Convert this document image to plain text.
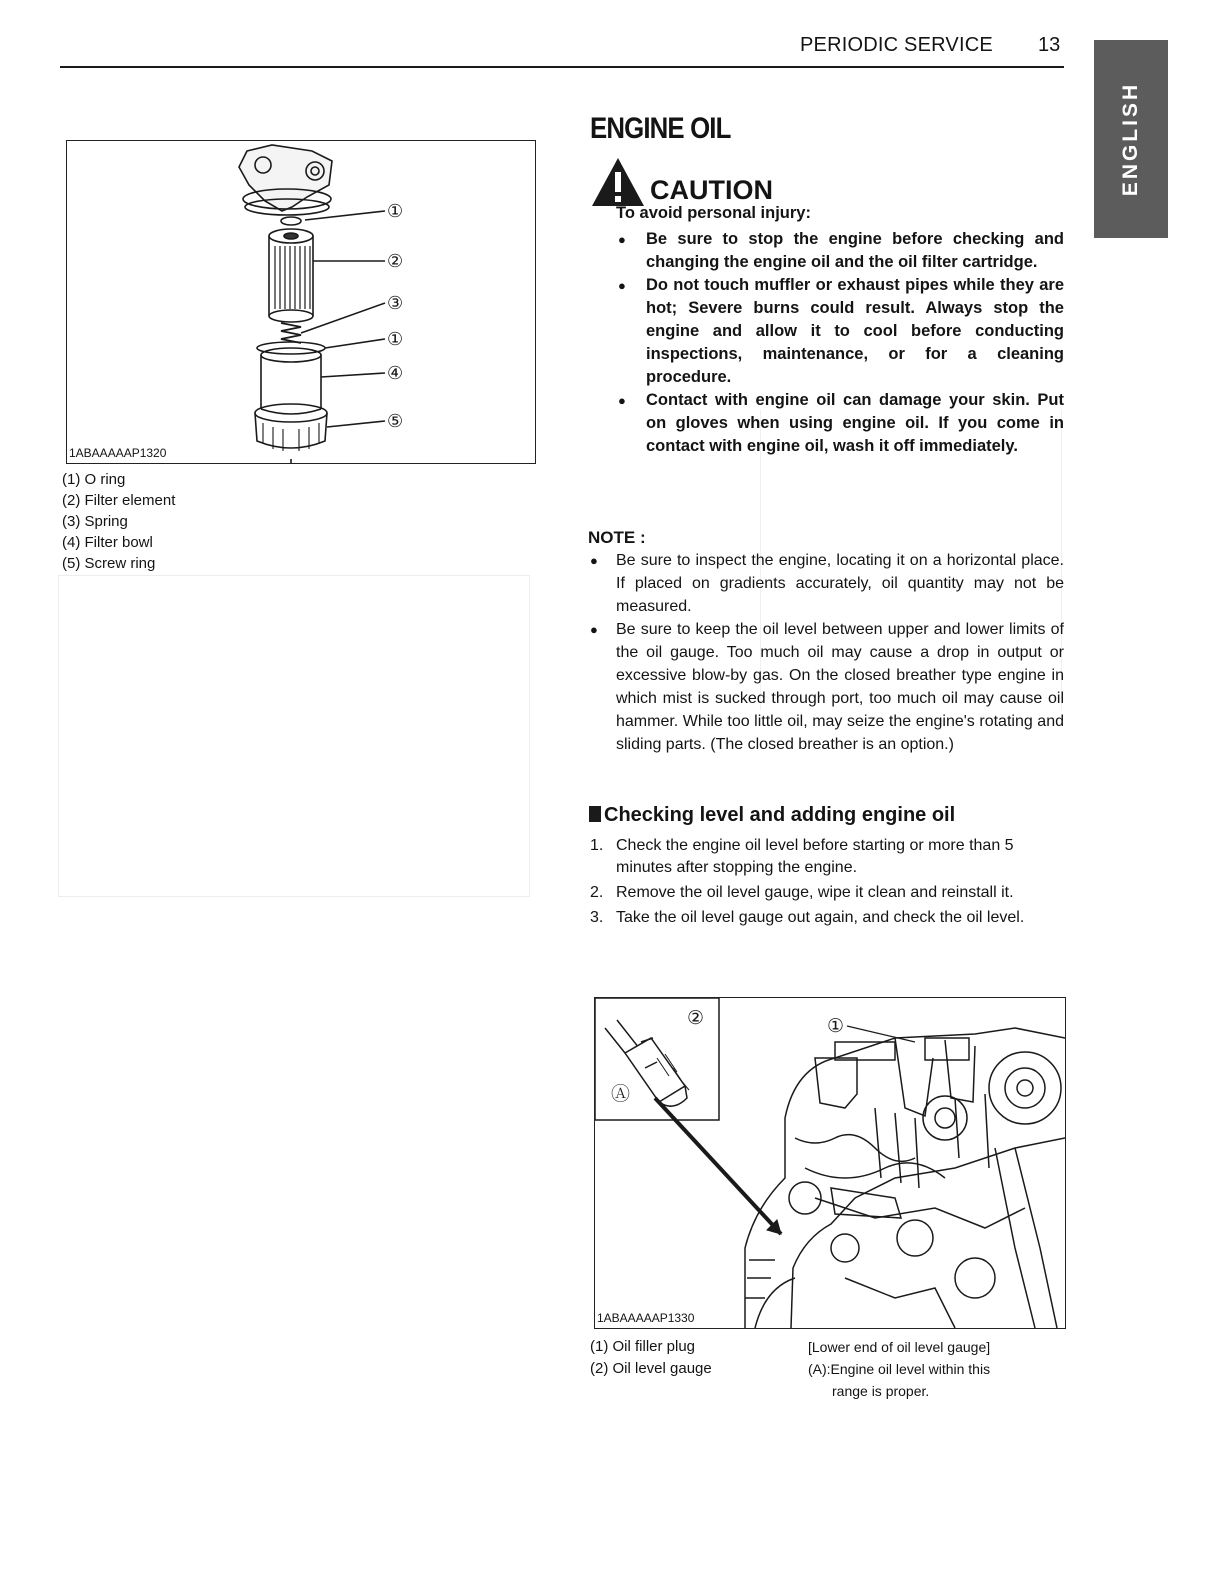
PERIODIC SERVICE 13
ENGLISH
①
②
③
①
④
⑤
1ABAAAAAP1320
(1) O ring
(2) Filter element
(3) Spring
(4) Filter bowl
(5) Screw ring
ENGINE OIL
CAUTION
To avoid personal injury:
● Be sure to stop the engine before checking and changing the engine oil and the oil filter cartridge.
● Do not touch muffler or exhaust pipes while they are hot; Severe burns could result. Always stop the engine and allow it to cool before conducting inspections, maintenance, or for a cleaning procedure.
● Contact with engine oil can damage your skin. Put on gloves when using engine oil. If you come in contact with engine oil, wash it off immediately.
NOTE :
● Be sure to inspect the engine, locating it on a horizontal place. If placed on gradients accurately, oil quantity may not be measured.
● Be sure to keep the oil level between upper and lower limits of the oil gauge. Too much oil may cause a drop in output or excessive blow-by gas. On the closed breather type engine in which mist is sucked through port, too much oil may cause oil hammer. While too little oil, may seize the engine's rotating and sliding parts. (The closed breather is an option.)
Checking level and adding engine oil
1. Check the engine oil level before starting or more than 5 minutes after stopping the engine.
2. Remove the oil level gauge, wipe it clean and reinstall it.
3. Take the oil level gauge out again, and check the oil level.
②
Ⓐ
①
1ABAAAAAP1330
(1) Oil filler plug
(2) Oil level gauge
[Lower end of oil level gauge]
(A):Engine oil level within this
range is proper.
